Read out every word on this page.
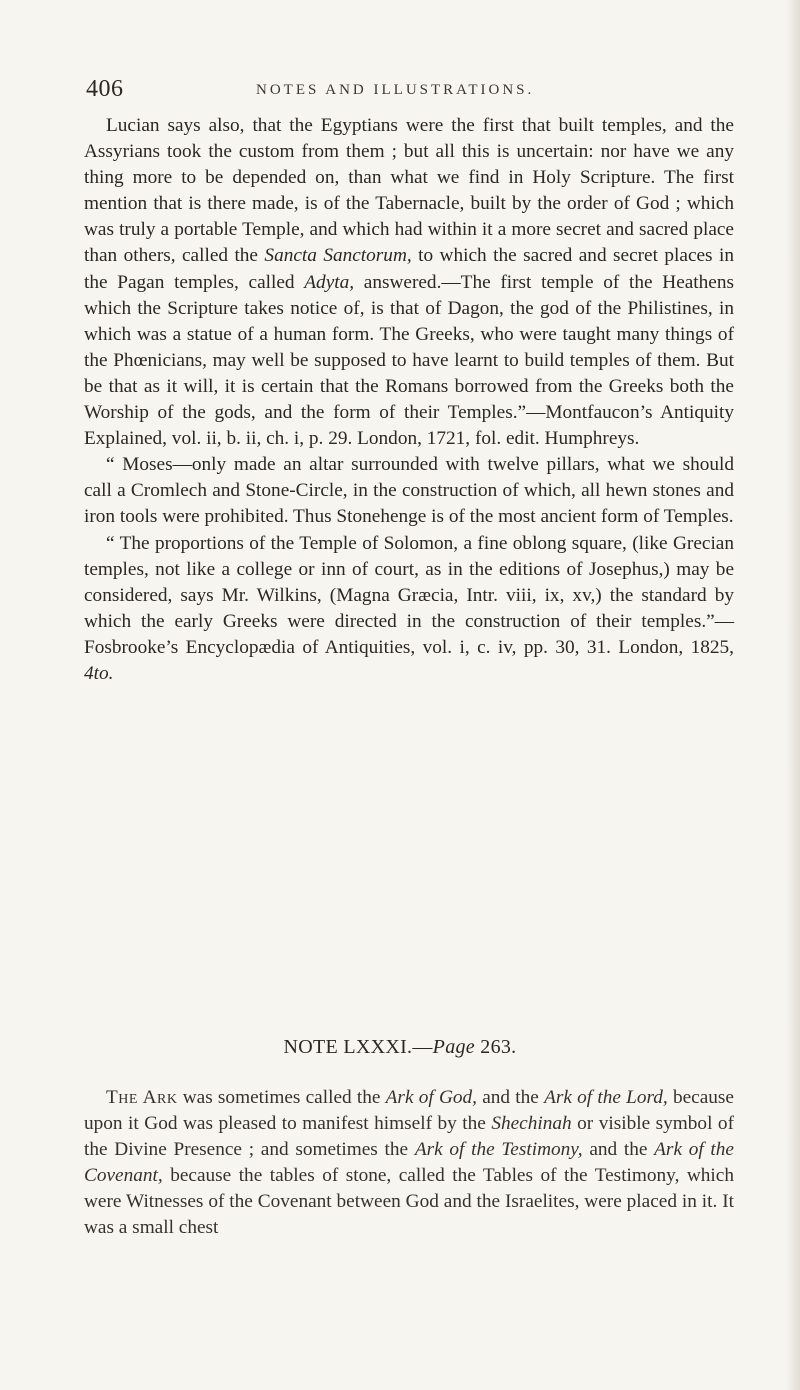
406	NOTES AND ILLUSTRATIONS.

Lucian says also, that the Egyptians were the first that built temples, and the Assyrians took the custom from them ; but all this is uncertain: nor have we any thing more to be depended on, than what we find in Holy Scripture. The first mention that is there made, is of the Tabernacle, built by the order of God ; which was truly a portable Temple, and which had within it a more secret and sacred place than others, called the Sancta Sanctorum, to which the sacred and secret places in the Pagan temples, called Adyta, answered.—The first temple of the Heathens which the Scripture takes notice of, is that of Dagon, the god of the Philistines, in which was a statue of a human form. The Greeks, who were taught many things of the Phœnicians, may well be supposed to have learnt to build temples of them. But be that as it will, it is certain that the Romans borrowed from the Greeks both the Worship of the gods, and the form of their Temples.”—Montfaucon’s Antiquity Explained, vol. ii, b. ii, ch. i, p. 29. London, 1721, fol. edit. Humphreys.

“ Moses—only made an altar surrounded with twelve pillars, what we should call a Cromlech and Stone-Circle, in the construction of which, all hewn stones and iron tools were prohibited. Thus Stonehenge is of the most ancient form of Temples.

“ The proportions of the Temple of Solomon, a fine oblong square, (like Grecian temples, not like a college or inn of court, as in the editions of Josephus,) may be considered, says Mr. Wilkins, (Magna Græcia, Intr. viii, ix, xv,) the standard by which the early Greeks were directed in the construction of their temples.”—Fosbrooke’s Encyclopædia of Antiquities, vol. i, c. iv, pp. 30, 31. London, 1825, 4to.

NOTE LXXXI.—Page 263.

The Ark was sometimes called the Ark of God, and the Ark of the Lord, because upon it God was pleased to manifest himself by the Shechinah or visible symbol of the Divine Presence ; and sometimes the Ark of the Testimony, and the Ark of the Covenant, because the tables of stone, called the Tables of the Testimony, which were Witnesses of the Covenant between God and the Israelites, were placed in it. It was a small chest
